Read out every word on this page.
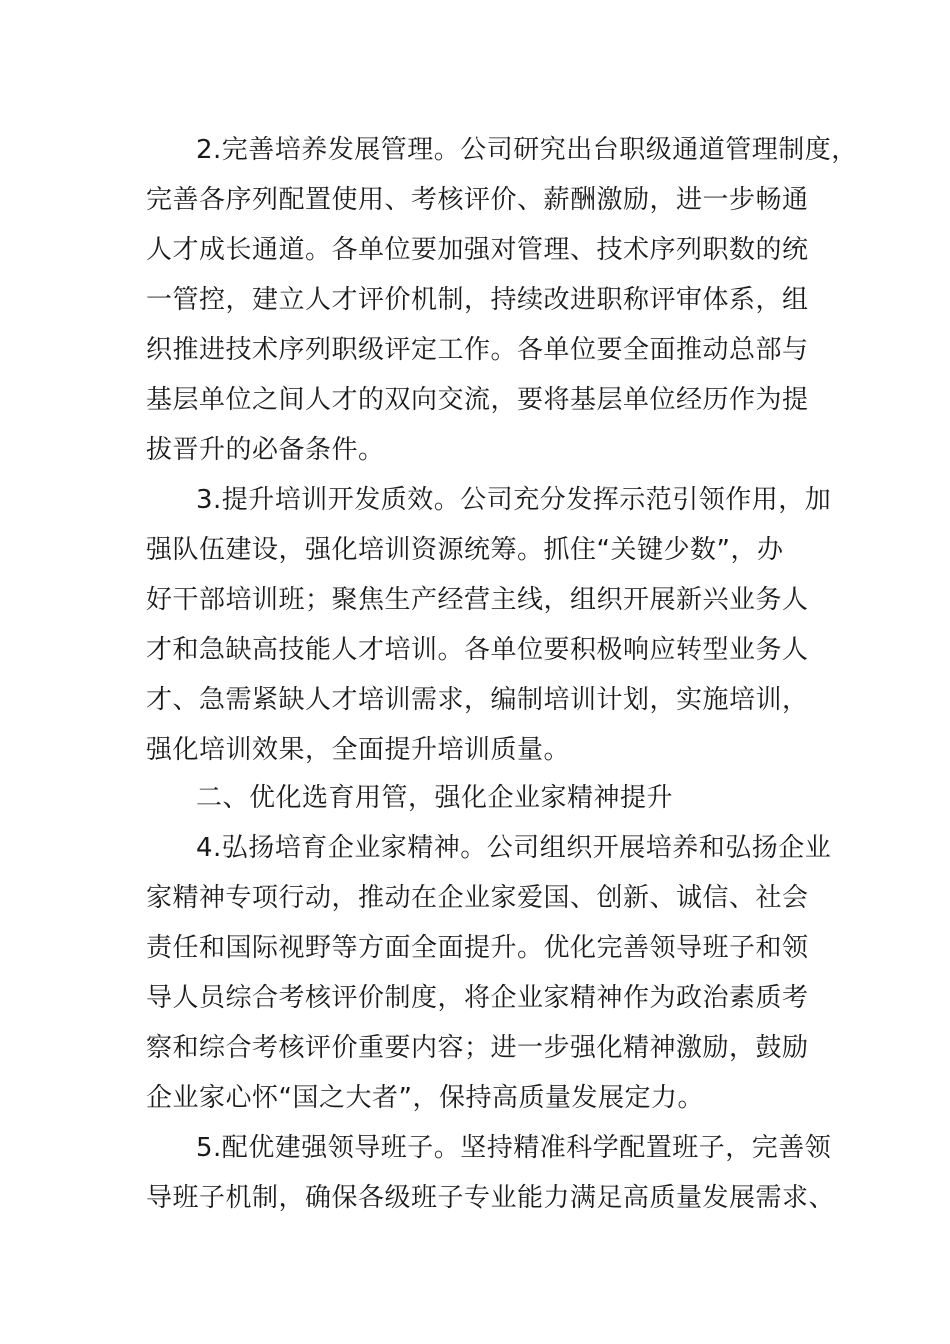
2.完善培养发展管理。公司研究出台职级通道管理制度，
完善各序列配置使用、考核评价、薪酬激励，进一步畅通
人才成长通道。各单位要加强对管理、技术序列职数的统
一管控，建立人才评价机制，持续改进职称评审体系，组
织推进技术序列职级评定工作。各单位要全面推动总部与
基层单位之间人才的双向交流，要将基层单位经历作为提
拔晋升的必备条件。
3.提升培训开发质效。公司充分发挥示范引领作用，加
强队伍建设，强化培训资源统筹。抓住“关键少数”，办
好干部培训班；聚焦生产经营主线，组织开展新兴业务人
才和急缺高技能人才培训。各单位要积极响应转型业务人
才、急需紧缺人才培训需求，编制培训计划，实施培训，
强化培训效果，全面提升培训质量。
二、优化选育用管，强化企业家精神提升
4.弘扬培育企业家精神。公司组织开展培养和弘扬企业
家精神专项行动，推动在企业家爱国、创新、诚信、社会
责任和国际视野等方面全面提升。优化完善领导班子和领
导人员综合考核评价制度，将企业家精神作为政治素质考
察和综合考核评价重要内容；进一步强化精神激励，鼓励
企业家心怀“国之大者”，保持高质量发展定力。
5.配优建强领导班子。坚持精准科学配置班子，完善领
导班子机制，确保各级班子专业能力满足高质量发展需求、
